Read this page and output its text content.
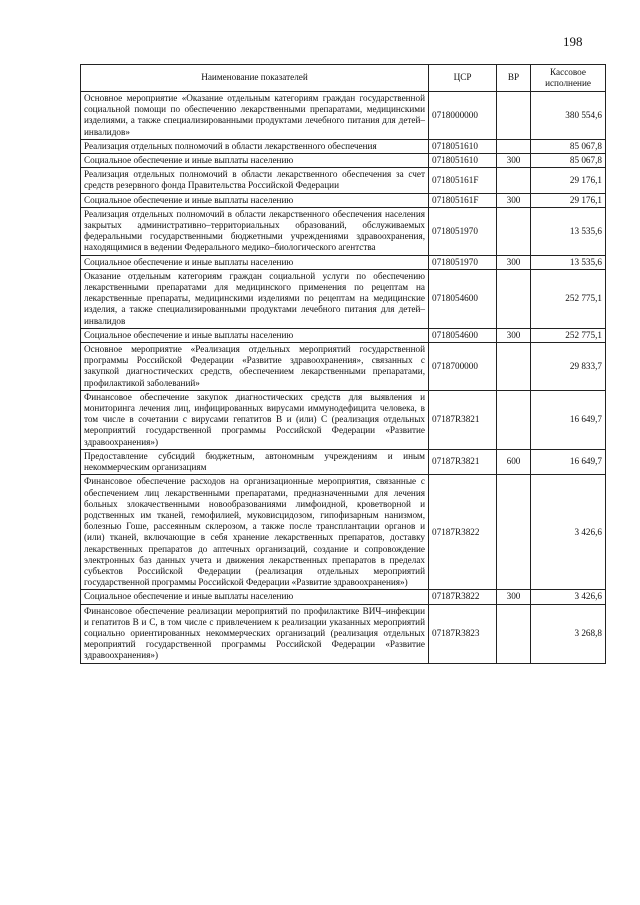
198
Наименование показателей	ЦСР	ВР	Кассовое исполнение
Основное мероприятие «Оказание отдельным категориям граждан государственной социальной помощи по обеспечению лекарственными препаратами, медицинскими изделиями, а также специализированными продуктами лечебного питания для детей–инвалидов»	0718000000		380 554,6
Реализация отдельных полномочий в области лекарственного обеспечения	0718051610		85 067,8
Социальное обеспечение и иные выплаты населению	0718051610	300	85 067,8
Реализация отдельных полномочий в области лекарственного обеспечения за счет средств резервного фонда Правительства Российской Федерации	071805161F		29 176,1
Социальное обеспечение и иные выплаты населению	071805161F	300	29 176,1
Реализация отдельных полномочий в области лекарственного обеспечения населения закрытых административно–территориальных образований, обслуживаемых федеральными государственными бюджетными учреждениями здравоохранения, находящимися в ведении Федерального медико–биологического агентства	0718051970		13 535,6
Социальное обеспечение и иные выплаты населению	0718051970	300	13 535,6
Оказание отдельным категориям граждан социальной услуги по обеспечению лекарственными препаратами для медицинского применения по рецептам на лекарственные препараты, медицинскими изделиями по рецептам на медицинские изделия, а также специализированными продуктами лечебного питания для детей–инвалидов	0718054600		252 775,1
Социальное обеспечение и иные выплаты населению	0718054600	300	252 775,1
Основное мероприятие «Реализация отдельных мероприятий государственной программы Российской Федерации «Развитие здравоохранения», связанных с закупкой диагностических средств, обеспечением лекарственными препаратами, профилактикой заболеваний»	0718700000		29 833,7
Финансовое обеспечение закупок диагностических средств для выявления и мониторинга лечения лиц, инфицированных вирусами иммунодефицита человека, в том числе в сочетании с вирусами гепатитов В и (или) С (реализация отдельных мероприятий государственной программы Российской Федерации «Развитие здравоохранения»)	07187R3821		16 649,7
Предоставление субсидий бюджетным, автономным учреждениям и иным некоммерческим организациям	07187R3821	600	16 649,7
Финансовое обеспечение расходов на организационные мероприятия, связанные с обеспечением лиц лекарственными препаратами, предназначенными для лечения больных злокачественными новообразованиями лимфоидной, кроветворной и родственных им тканей, гемофилией, муковисцидозом, гипофизарным нанизмом, болезнью Гоше, рассеянным склерозом, а также после трансплантации органов и (или) тканей, включающие в себя хранение лекарственных препаратов, доставку лекарственных препаратов до аптечных организаций, создание и сопровождение электронных баз данных учета и движения лекарственных препаратов в пределах субъектов Российской Федерации (реализация отдельных мероприятий государственной программы Российской Федерации «Развитие здравоохранения»)	07187R3822		3 426,6
Социальное обеспечение и иные выплаты населению	07187R3822	300	3 426,6
Финансовое обеспечение реализации мероприятий по профилактике ВИЧ–инфекции и гепатитов В и С, в том числе с привлечением к реализации указанных мероприятий социально ориентированных некоммерческих организаций (реализация отдельных мероприятий государственной программы Российской Федерации «Развитие здравоохранения»)	07187R3823		3 268,8
